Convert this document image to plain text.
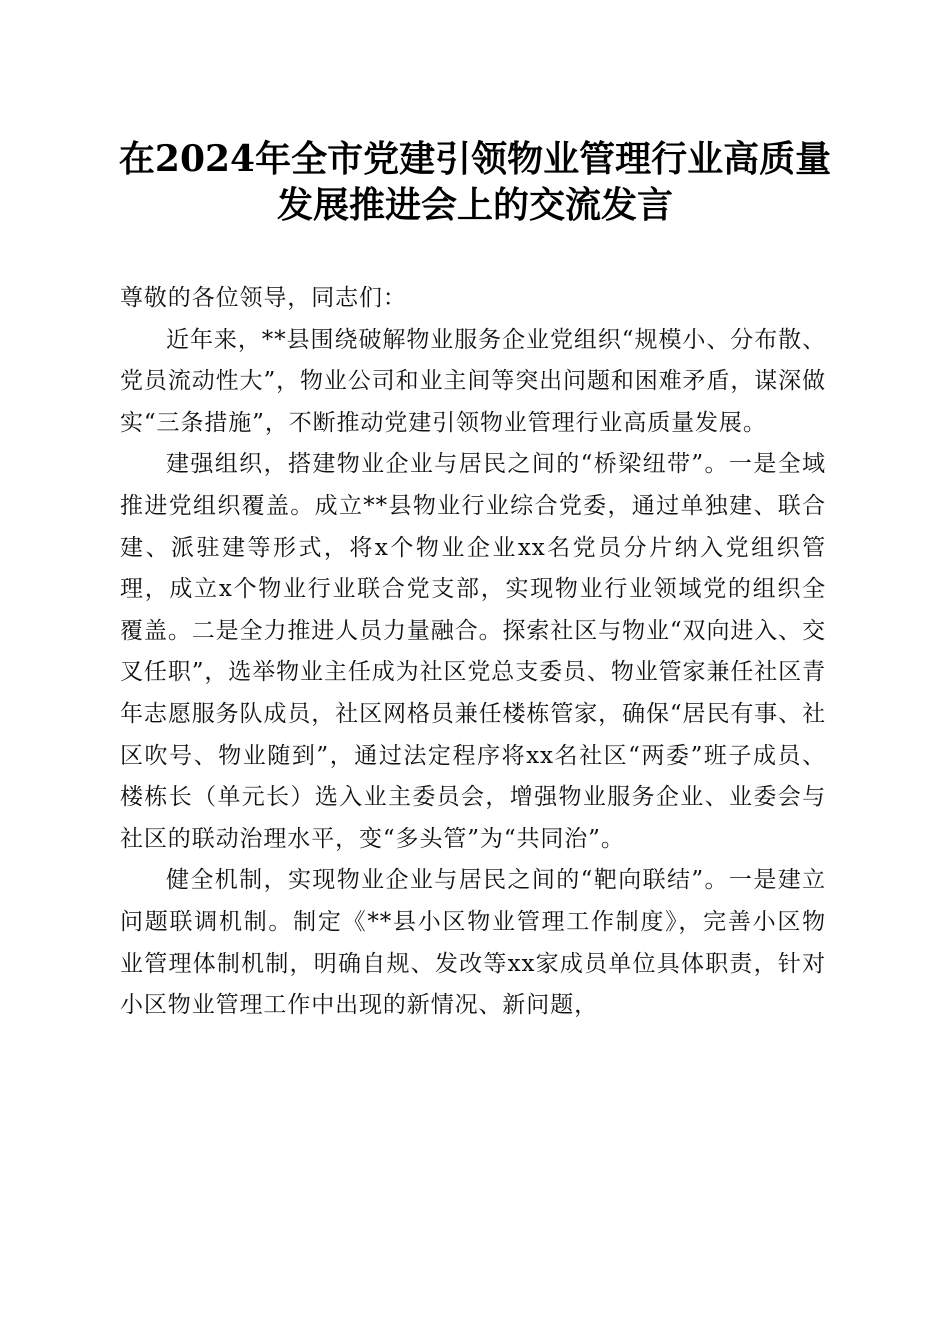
在2024年全市党建引领物业管理行业高质量
发展推进会上的交流发言

尊敬的各位领导，同志们：

近年来，**县围绕破解物业服务企业党组织“规模小、分布散、党员流动性大”，物业公司和业主间等突出问题和困难矛盾，谋深做实“三条措施”，不断推动党建引领物业管理行业高质量发展。

建强组织，搭建物业企业与居民之间的“桥梁纽带”。一是全域推进党组织覆盖。成立**县物业行业综合党委，通过单独建、联合建、派驻建等形式，将x个物业企业xx名党员分片纳入党组织管理，成立x个物业行业联合党支部，实现物业行业领域党的组织全覆盖。二是全力推进人员力量融合。探索社区与物业“双向进入、交叉任职”，选举物业主任成为社区党总支委员、物业管家兼任社区青年志愿服务队成员，社区网格员兼任楼栋管家，确保“居民有事、社区吹号、物业随到”，通过法定程序将xx名社区“两委”班子成员、楼栋长（单元长）选入业主委员会，增强物业服务企业、业委会与社区的联动治理水平，变“多头管”为“共同治”。

健全机制，实现物业企业与居民之间的“靶向联结”。一是建立问题联调机制。制定《**县小区物业管理工作制度》，完善小区物业管理体制机制，明确自规、发改等xx家成员单位具体职责，针对小区物业管理工作中出现的新情况、新问题，
